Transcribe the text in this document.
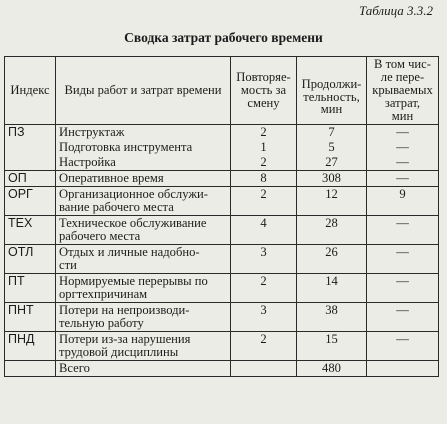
Таблица 3.3.2
Сводка затрат рабочего времени
Индекс	Виды работ и затрат времени	Повторяе-
мость за
смену	Продолжи-
тельность, мин	В том чис-
ле пере-
крываемых
затрат,
мин

ПЗ	Инструктаж	2	7	—

	Подготовка инструмента	1	5	—

	Настройка	2	27	—
ОП	Оперативное время	8	308	—
ОРГ	Организационное обслужи-
вание рабочего места	2	12	9
ТЕХ	Техническое обслуживание
рабочего места	4	28	—
ОТЛ	Отдых и личные надобно-
сти	3	26	—
ПТ	Нормируемые перерывы по
оргтехпричинам	2	14	—
ПНТ	Потери на непроизводи-
тельную работу	3	38	—
ПНД	Потери из-за нарушения
трудовой дисциплины	2	15	—
	Всего		480	
